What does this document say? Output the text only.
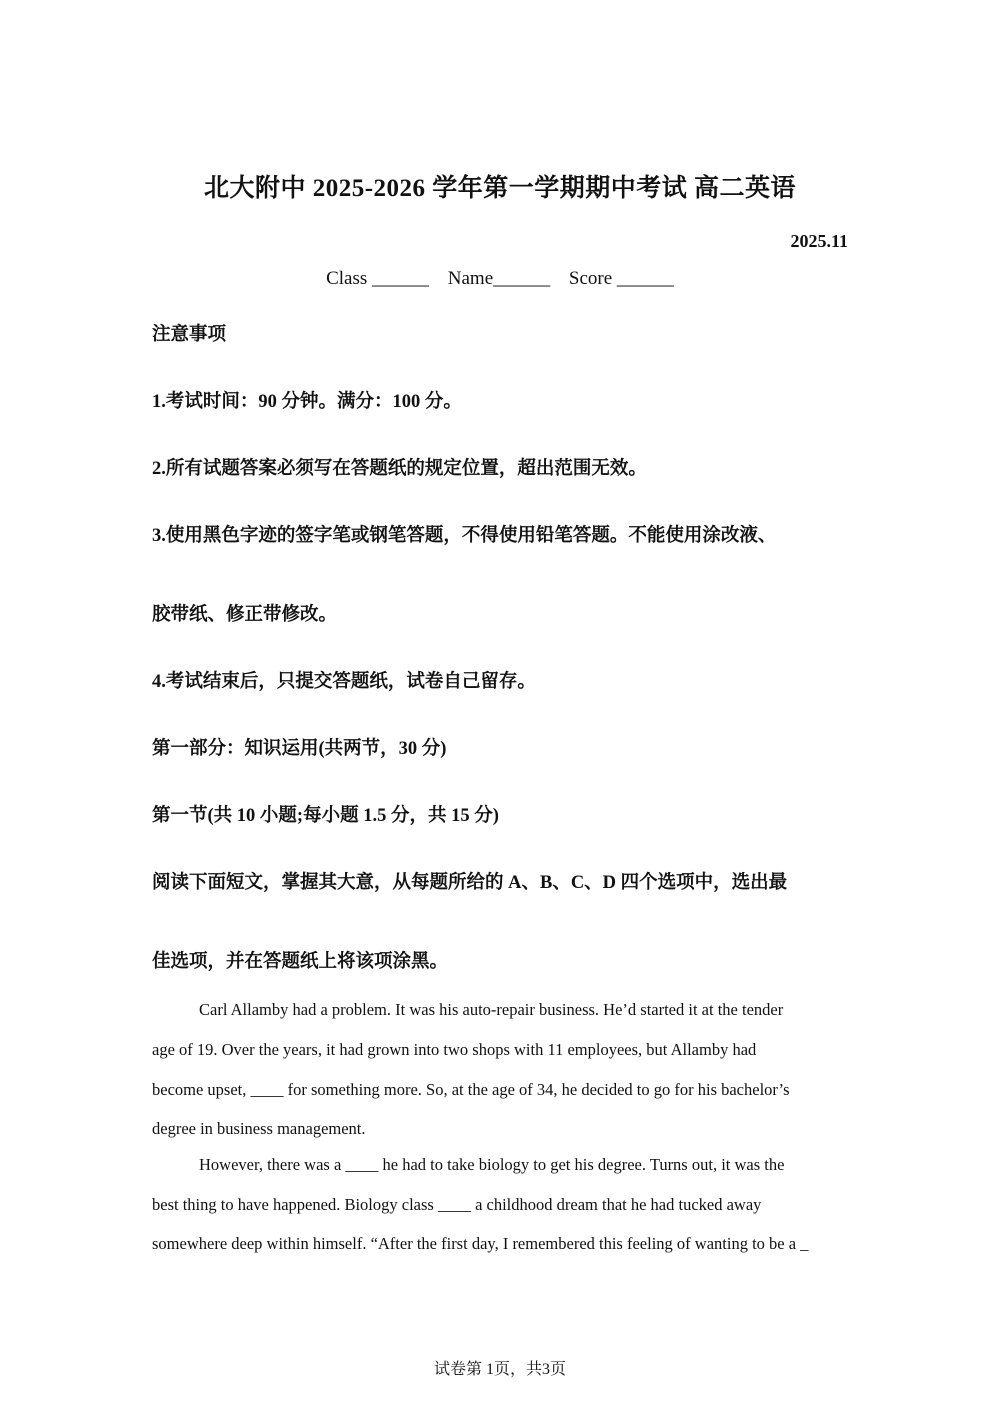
北大附中 2025-2026 学年第一学期期中考试 高二英语
2025.11
Class ______ Name______ Score ______
注意事项
1.考试时间：90 分钟。满分：100 分。
2.所有试题答案必须写在答题纸的规定位置，超出范围无效。
3.使用黑色字迹的签字笔或钢笔答题，不得使用铅笔答题。不能使用涂改液、
胶带纸、修正带修改。
4.考试结束后，只提交答题纸，试卷自己留存。
第一部分：知识运用(共两节，30 分)
第一节(共 10 小题;每小题 1.5 分，共 15 分)
阅读下面短文，掌握其大意，从每题所给的 A、B、C、D 四个选项中，选出最
佳选项，并在答题纸上将该项涂黑。
Carl Allamby had a problem. It was his auto-repair business. He’d started it at the tender
age of 19. Over the years, it had grown into two shops with 11 employees, but Allamby had
become upset, ____ for something more. So, at the age of 34, he decided to go for his bachelor’s
degree in business management.
However, there was a ____ he had to take biology to get his degree. Turns out, it was the
best thing to have happened. Biology class ____ a childhood dream that he had tucked away
somewhere deep within himself. “After the first day, I remembered this feeling of wanting to be a _
试卷第 1页，共3页
